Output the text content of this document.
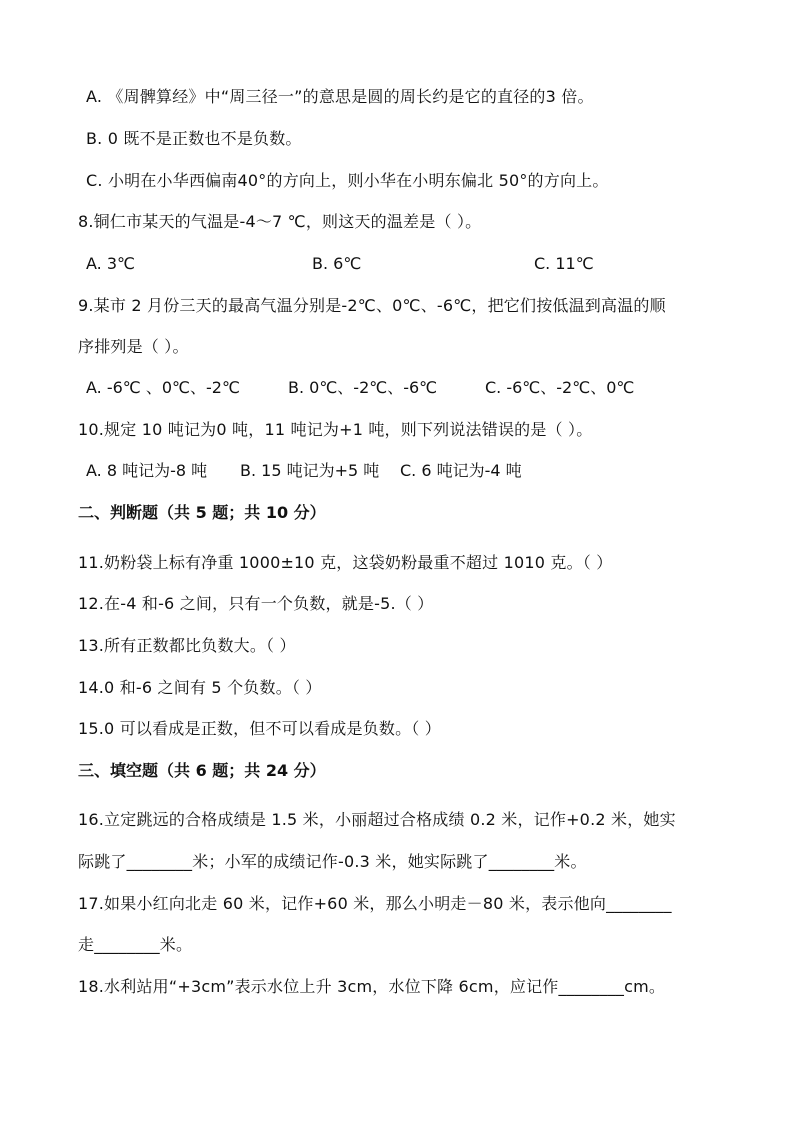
A. 《周髀算经》中“周三径一”的意思是圆的周长约是它的直径的3 倍。
B. 0 既不是正数也不是负数。
C. 小明在小华西偏南40°的方向上，则小华在小明东偏北 50°的方向上。
8.铜仁市某天的气温是-4～7 ℃，则这天的温差是（ ）。
A. 3℃	B. 6℃	C. 11℃
9.某市 2 月份三天的最高气温分别是-2℃、0℃、-6℃，把它们按低温到高温的顺
序排列是（ ）。
A. -6℃ 、0℃、-2℃	B. 0℃、-2℃、-6℃	C. -6℃、-2℃、0℃
10.规定 10 吨记为0 吨，11 吨记为+1 吨，则下列说法错误的是（ ）。
A. 8 吨记为-8 吨 B. 15 吨记为+5 吨 C. 6 吨记为-4 吨
二、判断题（共 5 题；共 10 分）
11.奶粉袋上标有净重 1000±10 克，这袋奶粉最重不超过 1010 克。（ ）
12.在-4 和-6 之间，只有一个负数，就是-5.（ ）
13.所有正数都比负数大。（ ）
14.0 和-6 之间有 5 个负数。（ ）
15.0 可以看成是正数，但不可以看成是负数。（ ）
三、填空题（共 6 题；共 24 分）
16.立定跳远的合格成绩是 1.5 米，小丽超过合格成绩 0.2 米，记作+0.2 米，她实
际跳了________米；小军的成绩记作-0.3 米，她实际跳了________米。
17.如果小红向北走 60 米，记作+60 米，那么小明走－80 米，表示他向________
走________米。
18.水利站用“+3cm”表示水位上升 3cm，水位下降 6cm，应记作________cm。
